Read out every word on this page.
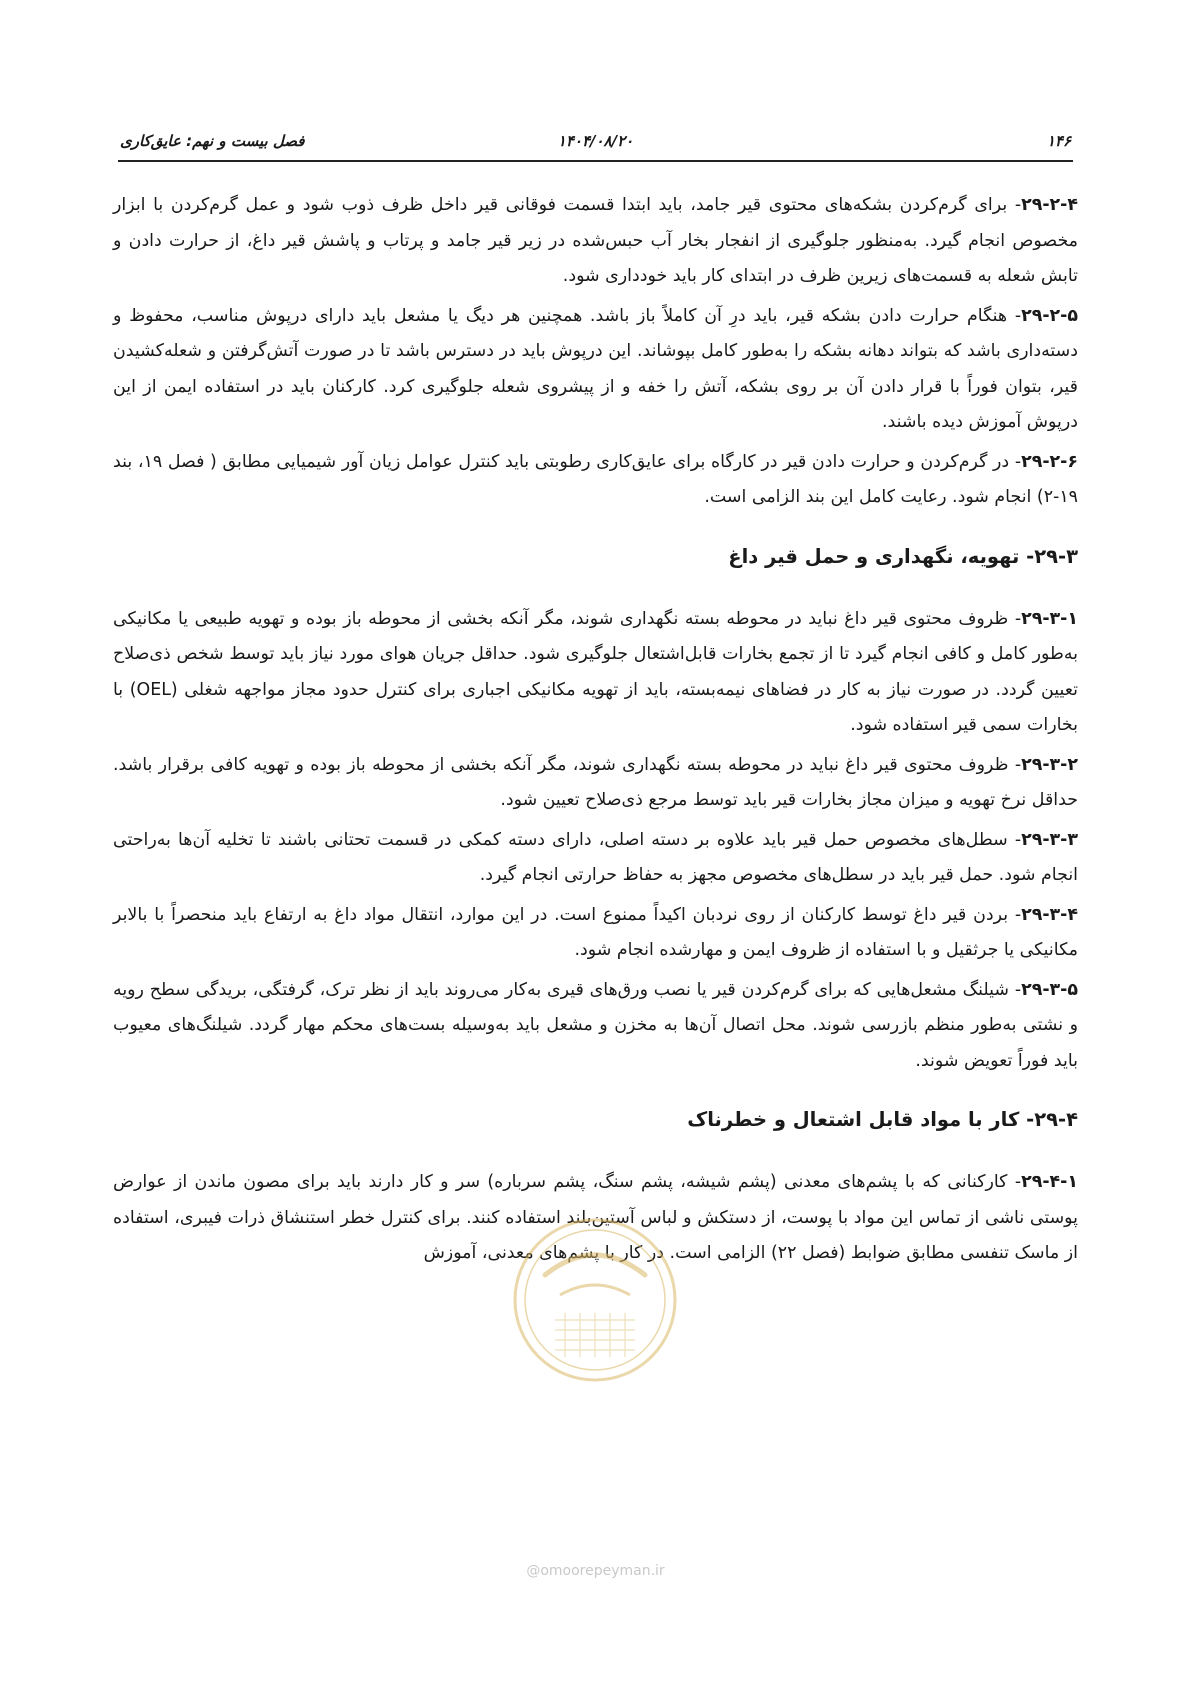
۱۴۶
۱۴۰۴/۰۸/۲۰
فصل بیست و نهم: عایق‌کاری

۲۹-۲-۴- برای گرم‌کردن بشکه‌های محتوی قیر جامد، باید ابتدا قسمت فوقانی قیر داخل ظرف ذوب شود و عمل گرم‌کردن با ابزار مخصوص انجام گیرد. به‌منظور جلوگیری از انفجار بخار آب حبس‌شده در زیر قیر جامد و پرتاب و پاشش قیر داغ، از حرارت دادن و تابش شعله به قسمت‌های زیرین ظرف در ابتدای کار باید خودداری شود.

۲۹-۲-۵- هنگام حرارت دادن بشکه قیر، باید درِ آن کاملاً باز باشد. همچنین هر دیگ یا مشعل باید دارای درپوش مناسب، محفوظ و دسته‌داری باشد که بتواند دهانه بشکه را به‌طور کامل بپوشاند. این درپوش باید در دسترس باشد تا در صورت آتش‌گرفتن و شعله‌کشیدن قیر، بتوان فوراً با قرار دادن آن بر روی بشکه، آتش را خفه و از پیشروی شعله جلوگیری کرد. کارکنان باید در استفاده ایمن از این درپوش آموزش دیده باشند.

۲۹-۲-۶- در گرم‌کردن و حرارت دادن قیر در کارگاه برای عایق‌کاری رطوبتی باید کنترل عوامل زیان آور شیمیایی مطابق ( فصل ۱۹، بند ۱۹-۲) انجام شود. رعایت کامل این بند الزامی است.

۲۹-۳- تهویه، نگهداری و حمل قیر داغ

۲۹-۳-۱- ظروف محتوی قیر داغ نباید در محوطه بسته نگهداری شوند، مگر آنکه بخشی از محوطه باز بوده و تهویه طبیعی یا مکانیکی به‌طور کامل و کافی انجام گیرد تا از تجمع بخارات قابل‌اشتعال جلوگیری شود. حداقل جریان هوای مورد نیاز باید توسط شخص ذی‌صلاح تعیین گردد. در صورت نیاز به کار در فضاهای نیمه‌بسته، باید از تهویه مکانیکی اجباری برای کنترل حدود مجاز مواجهه شغلی (OEL) با بخارات سمی قیر استفاده شود.

۲۹-۳-۲- ظروف محتوی قیر داغ نباید در محوطه بسته نگهداری شوند، مگر آنکه بخشی از محوطه باز بوده و تهویه کافی برقرار باشد. حداقل نرخ تهویه و میزان مجاز بخارات قیر باید توسط مرجع ذی‌صلاح تعیین شود.

۲۹-۳-۳- سطل‌های مخصوص حمل قیر باید علاوه بر دسته اصلی، دارای دسته کمکی در قسمت تحتانی باشند تا تخلیه آن‌ها به‌راحتی انجام شود. حمل قیر باید در سطل‌های مخصوص مجهز به حفاظ حرارتی انجام گیرد.

۲۹-۳-۴- بردن قیر داغ توسط کارکنان از روی نردبان اکیداً ممنوع است. در این موارد، انتقال مواد داغ به ارتفاع باید منحصراً با بالابر مکانیکی یا جرثقیل و با استفاده از ظروف ایمن و مهارشده انجام شود.

۲۹-۳-۵- شیلنگ مشعل‌هایی که برای گرم‌کردن قیر یا نصب ورق‌های قیری به‌کار می‌روند باید از نظر ترک، گرفتگی، بریدگی سطح رویه و نشتی به‌طور منظم بازرسی شوند. محل اتصال آن‌ها به مخزن و مشعل باید به‌وسیله بست‌های محکم مهار گردد. شیلنگ‌های معیوب باید فوراً تعویض شوند.

۲۹-۴- کار با مواد قابل اشتعال و خطرناک

۲۹-۴-۱- کارکنانی که با پشم‌های معدنی (پشم شیشه، پشم سنگ، پشم سرباره) سر و کار دارند باید برای مصون ماندن از عوارض پوستی ناشی از تماس این مواد با پوست، از دستکش و لباس آستین‌بلند استفاده کنند. برای کنترل خطر استنشاق ذرات فیبری، استفاده از ماسک تنفسی مطابق ضوابط (فصل ۲۲) الزامی است. در کار با پشم‌های معدنی، آموزش

@omoorepeyman.ir
